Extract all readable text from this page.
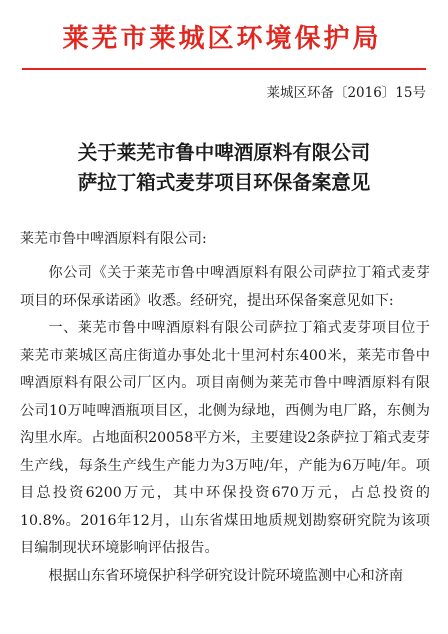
莱芜市莱城区环境保护局
莱城区环备〔2016〕15号
关于莱芜市鲁中啤酒原料有限公司
萨拉丁箱式麦芽项目环保备案意见
莱芜市鲁中啤酒原料有限公司:

你公司《关于莱芜市鲁中啤酒原料有限公司萨拉丁箱式麦芽项目的环保承诺函》收悉。经研究，提出环保备案意见如下:

一、莱芜市鲁中啤酒原料有限公司萨拉丁箱式麦芽项目位于莱芜市莱城区高庄街道办事处北十里河村东400米，莱芜市鲁中啤酒原料有限公司厂区内。项目南侧为莱芜市鲁中啤酒原料有限公司10万吨啤酒瓶项目区，北侧为绿地，西侧为电厂路，东侧为沟里水库。占地面积20058平方米，主要建设2条萨拉丁箱式麦芽生产线，每条生产线生产能力为3万吨/年，产能为6万吨/年。项目总投资6200万元，其中环保投资670万元，占总投资的10.8%。2016年12月，山东省煤田地质规划勘察研究院为该项目编制现状环境影响评估报告。

根据山东省环境保护科学研究设计院环境监测中心和济南
